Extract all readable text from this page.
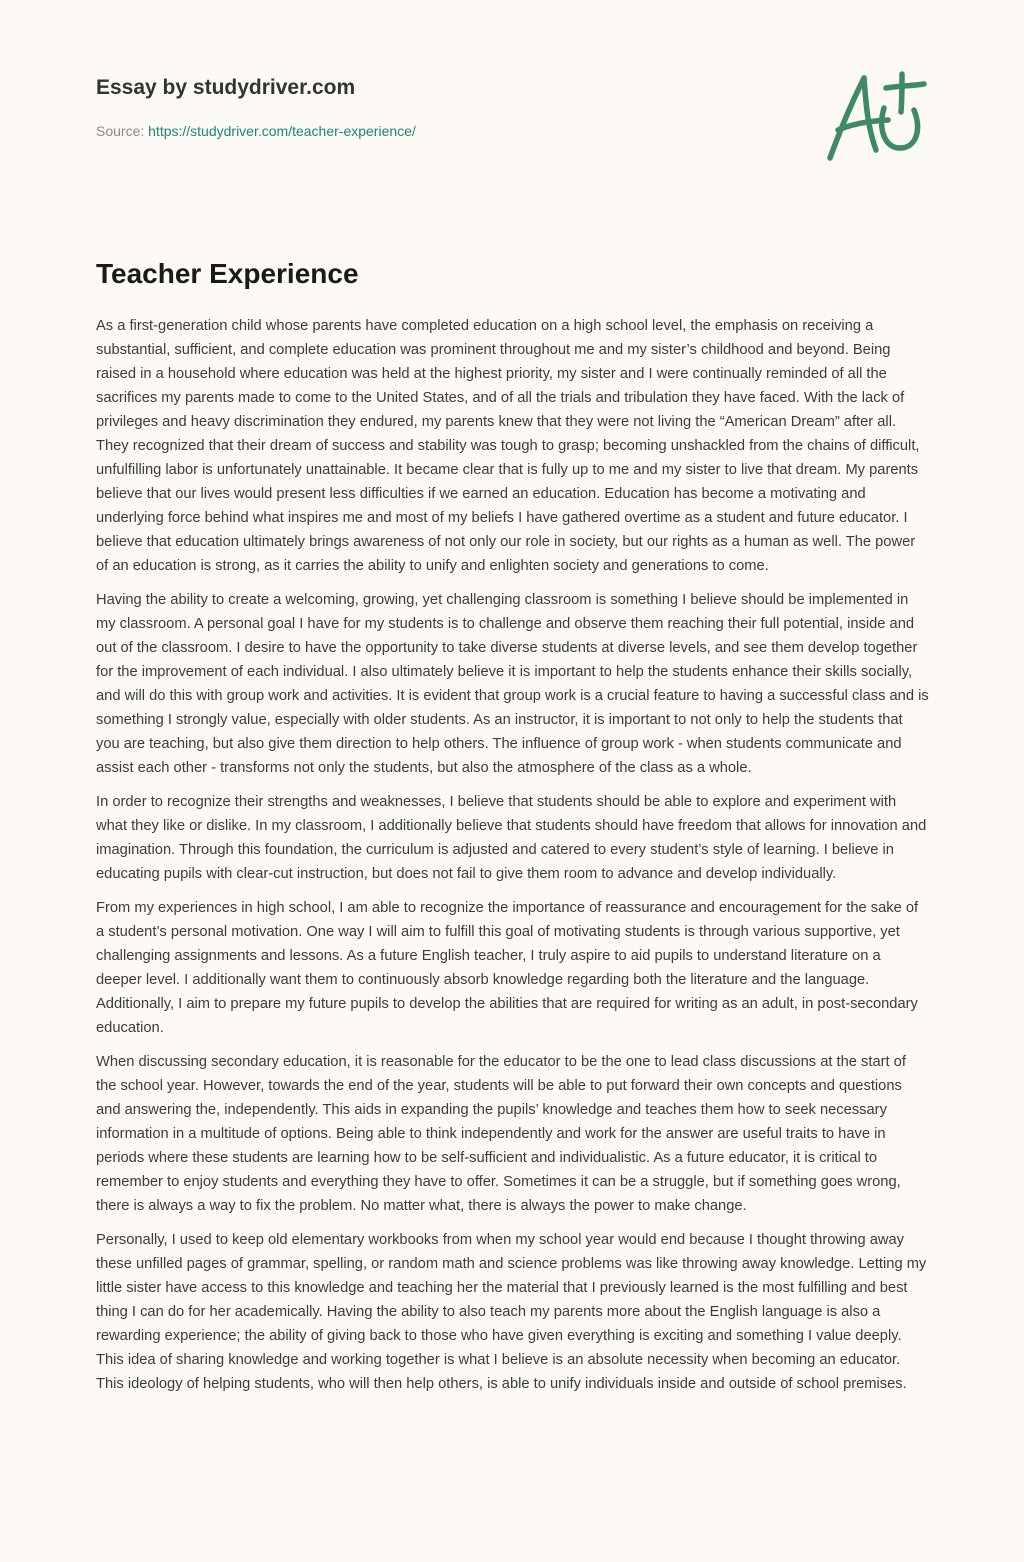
Essay by studydriver.com
Source: https://studydriver.com/teacher-experience/
Teacher Experience

As a first-generation child whose parents have completed education on a high school level, the emphasis on receiving a substantial, sufficient, and complete education was prominent throughout me and my sister’s childhood and beyond. Being raised in a household where education was held at the highest priority, my sister and I were continually reminded of all the sacrifices my parents made to come to the United States, and of all the trials and tribulation they have faced. With the lack of privileges and heavy discrimination they endured, my parents knew that they were not living the “American Dream” after all. They recognized that their dream of success and stability was tough to grasp; becoming unshackled from the chains of difficult, unfulfilling labor is unfortunately unattainable. It became clear that is fully up to me and my sister to live that dream. My parents believe that our lives would present less difficulties if we earned an education. Education has become a motivating and underlying force behind what inspires me and most of my beliefs I have gathered overtime as a student and future educator. I believe that education ultimately brings awareness of not only our role in society, but our rights as a human as well. The power of an education is strong, as it carries the ability to unify and enlighten society and generations to come.

Having the ability to create a welcoming, growing, yet challenging classroom is something I believe should be implemented in my classroom. A personal goal I have for my students is to challenge and observe them reaching their full potential, inside and out of the classroom. I desire to have the opportunity to take diverse students at diverse levels, and see them develop together for the improvement of each individual. I also ultimately believe it is important to help the students enhance their skills socially, and will do this with group work and activities. It is evident that group work is a crucial feature to having a successful class and is something I strongly value, especially with older students. As an instructor, it is important to not only to help the students that you are teaching, but also give them direction to help others. The influence of group work - when students communicate and assist each other - transforms not only the students, but also the atmosphere of the class as a whole.

In order to recognize their strengths and weaknesses, I believe that students should be able to explore and experiment with what they like or dislike. In my classroom, I additionally believe that students should have freedom that allows for innovation and imagination. Through this foundation, the curriculum is adjusted and catered to every student’s style of learning. I believe in educating pupils with clear-cut instruction, but does not fail to give them room to advance and develop individually.

From my experiences in high school, I am able to recognize the importance of reassurance and encouragement for the sake of a student’s personal motivation. One way I will aim to fulfill this goal of motivating students is through various supportive, yet challenging assignments and lessons. As a future English teacher, I truly aspire to aid pupils to understand literature on a deeper level. I additionally want them to continuously absorb knowledge regarding both the literature and the language. Additionally, I aim to prepare my future pupils to develop the abilities that are required for writing as an adult, in post-secondary education.

When discussing secondary education, it is reasonable for the educator to be the one to lead class discussions at the start of the school year. However, towards the end of the year, students will be able to put forward their own concepts and questions and answering the, independently. This aids in expanding the pupils’ knowledge and teaches them how to seek necessary information in a multitude of options. Being able to think independently and work for the answer are useful traits to have in periods where these students are learning how to be self-sufficient and individualistic. As a future educator, it is critical to remember to enjoy students and everything they have to offer. Sometimes it can be a struggle, but if something goes wrong, there is always a way to fix the problem. No matter what, there is always the power to make change.

Personally, I used to keep old elementary workbooks from when my school year would end because I thought throwing away these unfilled pages of grammar, spelling, or random math and science problems was like throwing away knowledge. Letting my little sister have access to this knowledge and teaching her the material that I previously learned is the most fulfilling and best thing I can do for her academically. Having the ability to also teach my parents more about the English language is also a rewarding experience; the ability of giving back to those who have given everything is exciting and something I value deeply. This idea of sharing knowledge and working together is what I believe is an absolute necessity when becoming an educator. This ideology of helping students, who will then help others, is able to unify individuals inside and outside of school premises.
